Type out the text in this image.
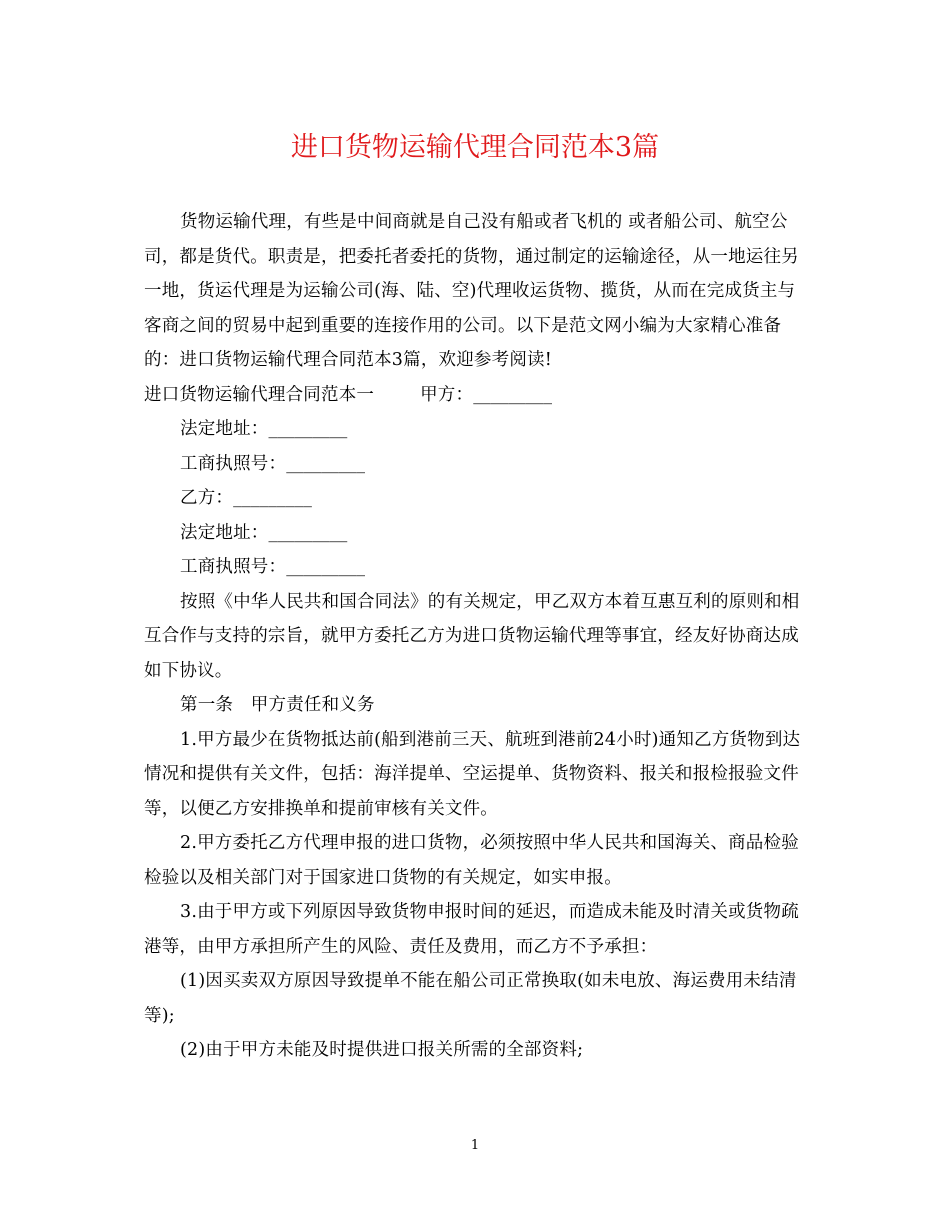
进口货物运输代理合同范本3篇

货物运输代理，有些是中间商就是自己没有船或者飞机的 或者船公司、航空公司，都是货代。职责是，把委托者委托的货物，通过制定的运输途径，从一地运往另一地，货运代理是为运输公司(海、陆、空)代理收运货物、揽货，从而在完成货主与客商之间的贸易中起到重要的连接作用的公司。以下是范文网小编为大家精心准备的：进口货物运输代理合同范本3篇，欢迎参考阅读!

进口货物运输代理合同范本一	甲方：_________

法定地址：_________

工商执照号：_________

乙方：_________

法定地址：_________

工商执照号：_________

按照《中华人民共和国合同法》的有关规定，甲乙双方本着互惠互利的原则和相互合作与支持的宗旨，就甲方委托乙方为进口货物运输代理等事宜，经友好协商达成如下协议。

第一条　甲方责任和义务

1.甲方最少在货物抵达前(船到港前三天、航班到港前24小时)通知乙方货物到达情况和提供有关文件，包括：海洋提单、空运提单、货物资料、报关和报检报验文件等，以便乙方安排换单和提前审核有关文件。

2.甲方委托乙方代理申报的进口货物，必须按照中华人民共和国海关、商品检验检验以及相关部门对于国家进口货物的有关规定，如实申报。

3.由于甲方或下列原因导致货物申报时间的延迟，而造成未能及时清关或货物疏港等，由甲方承担所产生的风险、责任及费用，而乙方不予承担：

(1)因买卖双方原因导致提单不能在船公司正常换取(如未电放、海运费用未结清等);

(2)由于甲方未能及时提供进口报关所需的全部资料;

1
